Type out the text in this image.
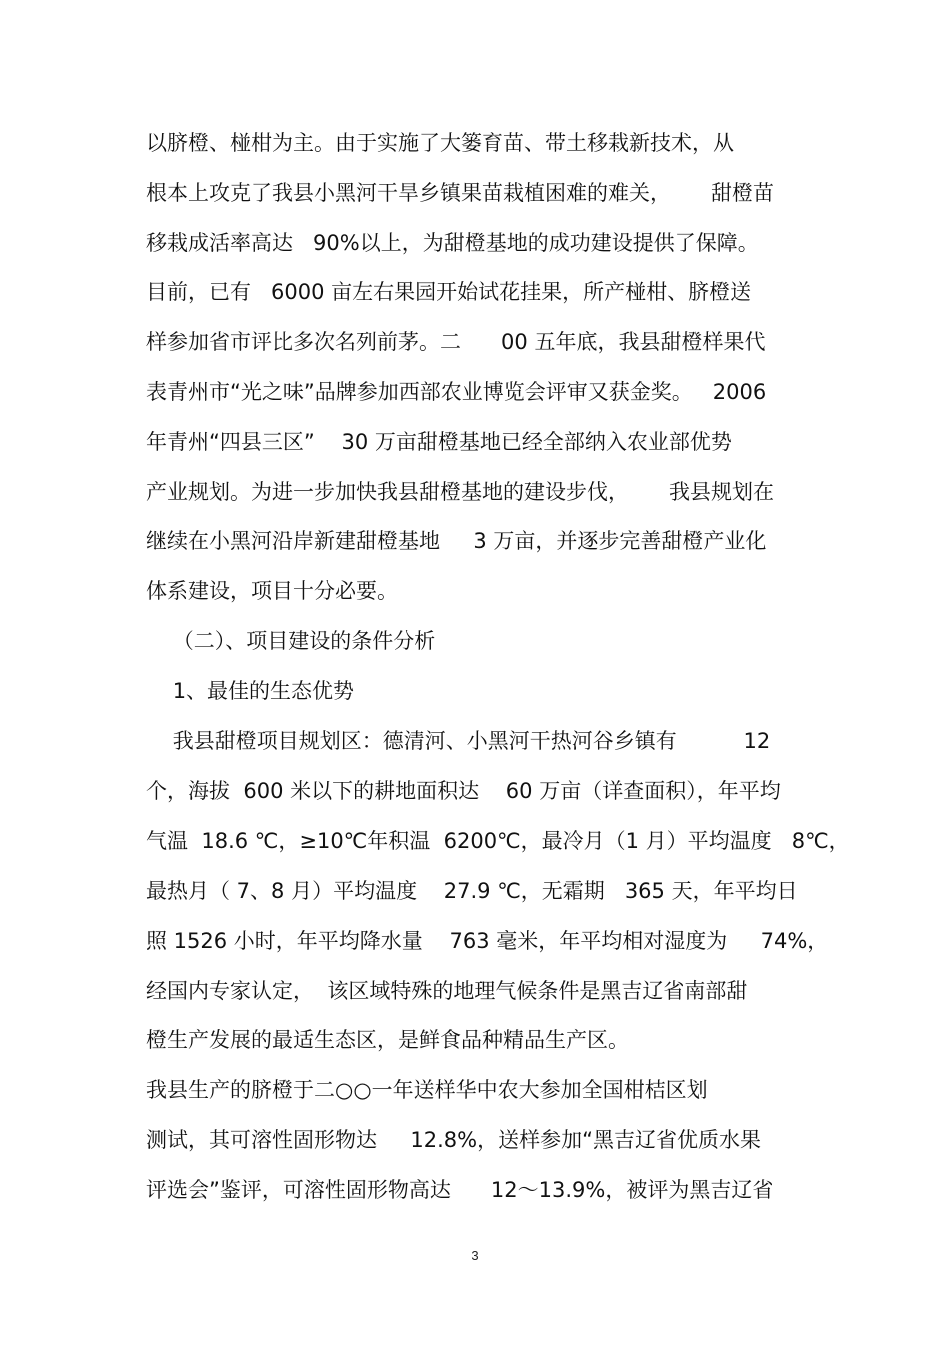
以脐橙、椪柑为主。由于实施了大篓育苗、带土移栽新技术，从
根本上攻克了我县小黑河干旱乡镇果苗栽植困难的难关，      甜橙苗
移栽成活率高达   90%以上，为甜橙基地的成功建设提供了保障。
目前，已有   6000 亩左右果园开始试花挂果，所产椪柑、脐橙送
样参加省市评比多次名列前茅。二      00 五年底，我县甜橙样果代
表青州市“光之味”品牌参加西部农业博览会评审又获金奖。   2006
年青州“四县三区”    30 万亩甜橙基地已经全部纳入农业部优势
产业规划。为进一步加快我县甜橙基地的建设步伐，      我县规划在
继续在小黑河沿岸新建甜橙基地     3 万亩，并逐步完善甜橙产业化
体系建设，项目十分必要。
（二）、项目建设的条件分析
1、最佳的生态优势
我县甜橙项目规划区：德清河、小黑河干热河谷乡镇有          12
个，海拔  600 米以下的耕地面积达    60 万亩（详查面积），年平均
气温  18.6 ℃，≥10℃年积温  6200℃，最冷月（1 月）平均温度   8℃，
最热月（ 7、8 月）平均温度    27.9 ℃，无霜期   365 天，年平均日
照 1526 小时，年平均降水量    763 毫米，年平均相对湿度为     74%，
经国内专家认定，  该区域特殊的地理气候条件是黑吉辽省南部甜
橙生产发展的最适生态区，是鲜食品种精品生产区。
我县生产的脐橙于二○○一年送样华中农大参加全国柑桔区划
测试，其可溶性固形物达     12.8%，送样参加“黑吉辽省优质水果
评选会”鉴评，可溶性固形物高达      12～13.9%，被评为黑吉辽省
3
